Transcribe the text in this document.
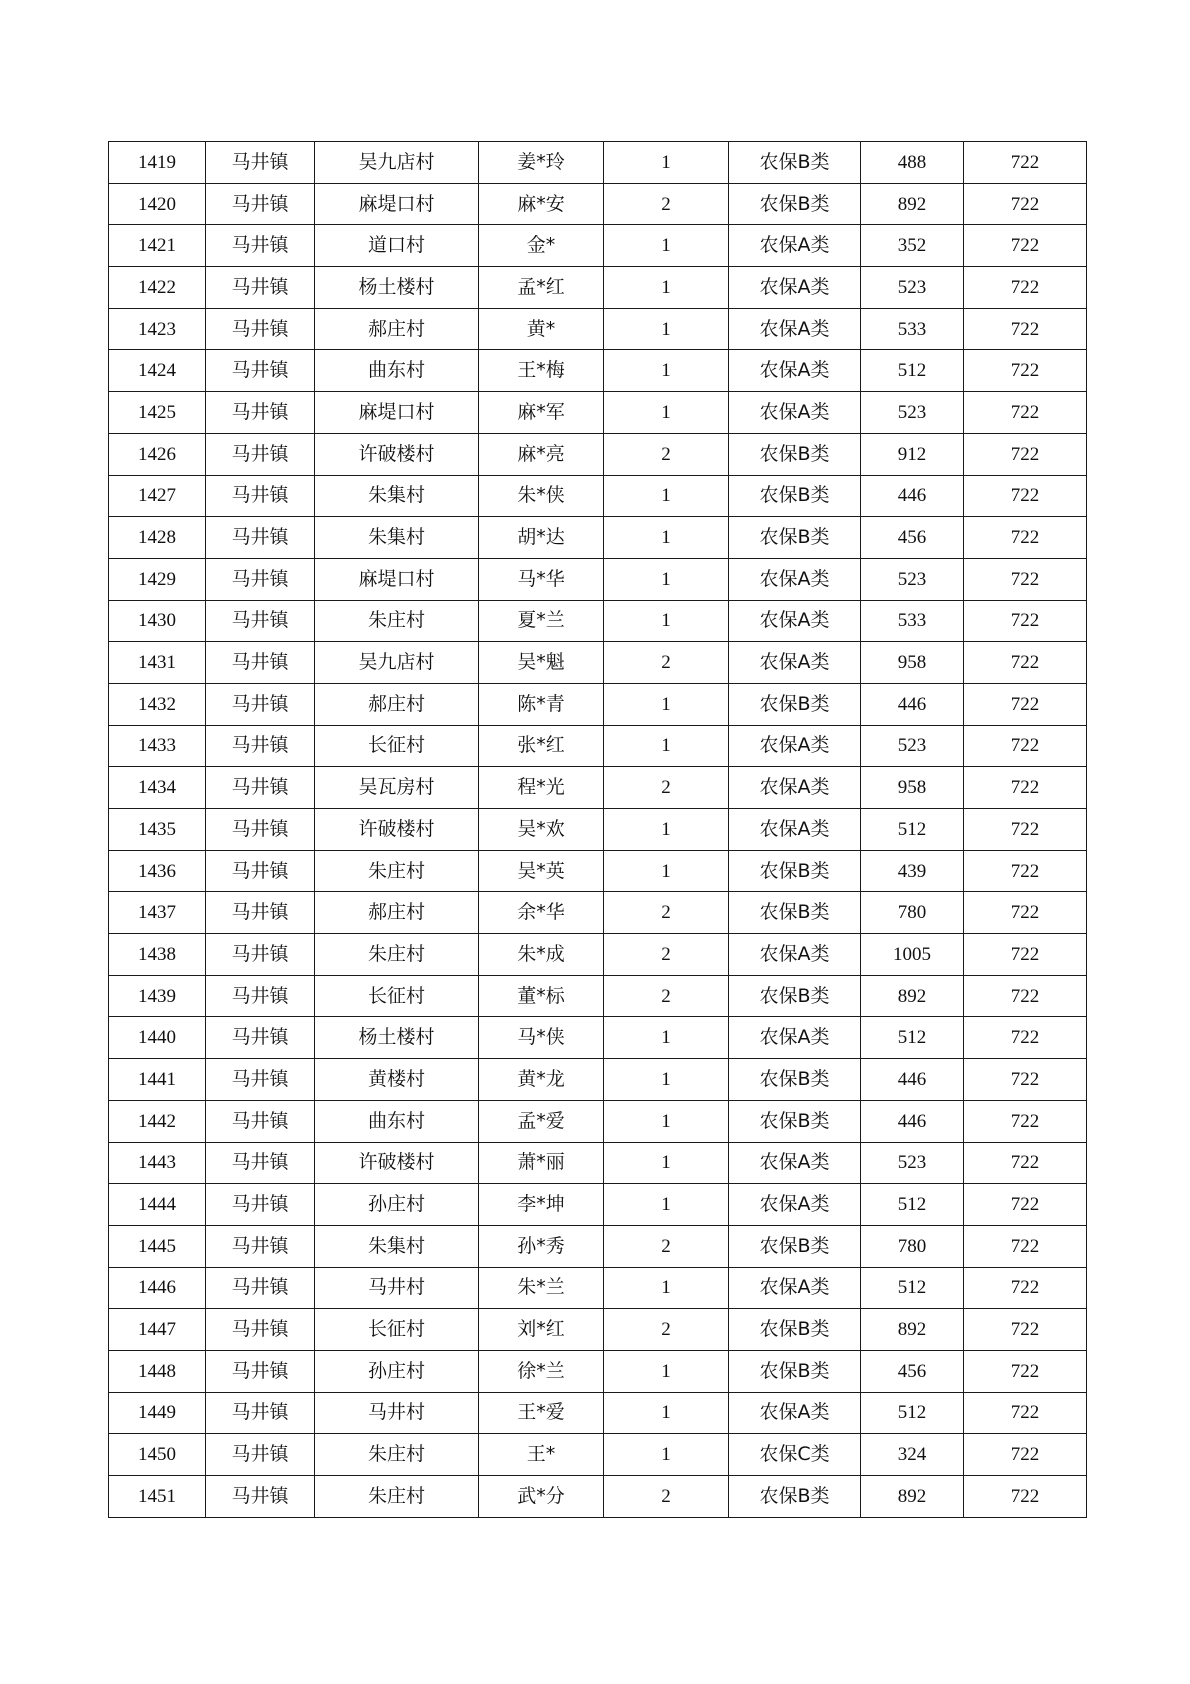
1419	马井镇	吴九店村	姜*玲	1	农保B类	488	722
1420	马井镇	麻堤口村	麻*安	2	农保B类	892	722
1421	马井镇	道口村	金*	1	农保A类	352	722
1422	马井镇	杨土楼村	孟*红	1	农保A类	523	722
1423	马井镇	郝庄村	黄*	1	农保A类	533	722
1424	马井镇	曲东村	王*梅	1	农保A类	512	722
1425	马井镇	麻堤口村	麻*军	1	农保A类	523	722
1426	马井镇	许破楼村	麻*亮	2	农保B类	912	722
1427	马井镇	朱集村	朱*侠	1	农保B类	446	722
1428	马井镇	朱集村	胡*达	1	农保B类	456	722
1429	马井镇	麻堤口村	马*华	1	农保A类	523	722
1430	马井镇	朱庄村	夏*兰	1	农保A类	533	722
1431	马井镇	吴九店村	吴*魁	2	农保A类	958	722
1432	马井镇	郝庄村	陈*青	1	农保B类	446	722
1433	马井镇	长征村	张*红	1	农保A类	523	722
1434	马井镇	吴瓦房村	程*光	2	农保A类	958	722
1435	马井镇	许破楼村	吴*欢	1	农保A类	512	722
1436	马井镇	朱庄村	吴*英	1	农保B类	439	722
1437	马井镇	郝庄村	余*华	2	农保B类	780	722
1438	马井镇	朱庄村	朱*成	2	农保A类	1005	722
1439	马井镇	长征村	董*标	2	农保B类	892	722
1440	马井镇	杨土楼村	马*侠	1	农保A类	512	722
1441	马井镇	黄楼村	黄*龙	1	农保B类	446	722
1442	马井镇	曲东村	孟*爱	1	农保B类	446	722
1443	马井镇	许破楼村	萧*丽	1	农保A类	523	722
1444	马井镇	孙庄村	李*坤	1	农保A类	512	722
1445	马井镇	朱集村	孙*秀	2	农保B类	780	722
1446	马井镇	马井村	朱*兰	1	农保A类	512	722
1447	马井镇	长征村	刘*红	2	农保B类	892	722
1448	马井镇	孙庄村	徐*兰	1	农保B类	456	722
1449	马井镇	马井村	王*爱	1	农保A类	512	722
1450	马井镇	朱庄村	王*	1	农保C类	324	722
1451	马井镇	朱庄村	武*分	2	农保B类	892	722
